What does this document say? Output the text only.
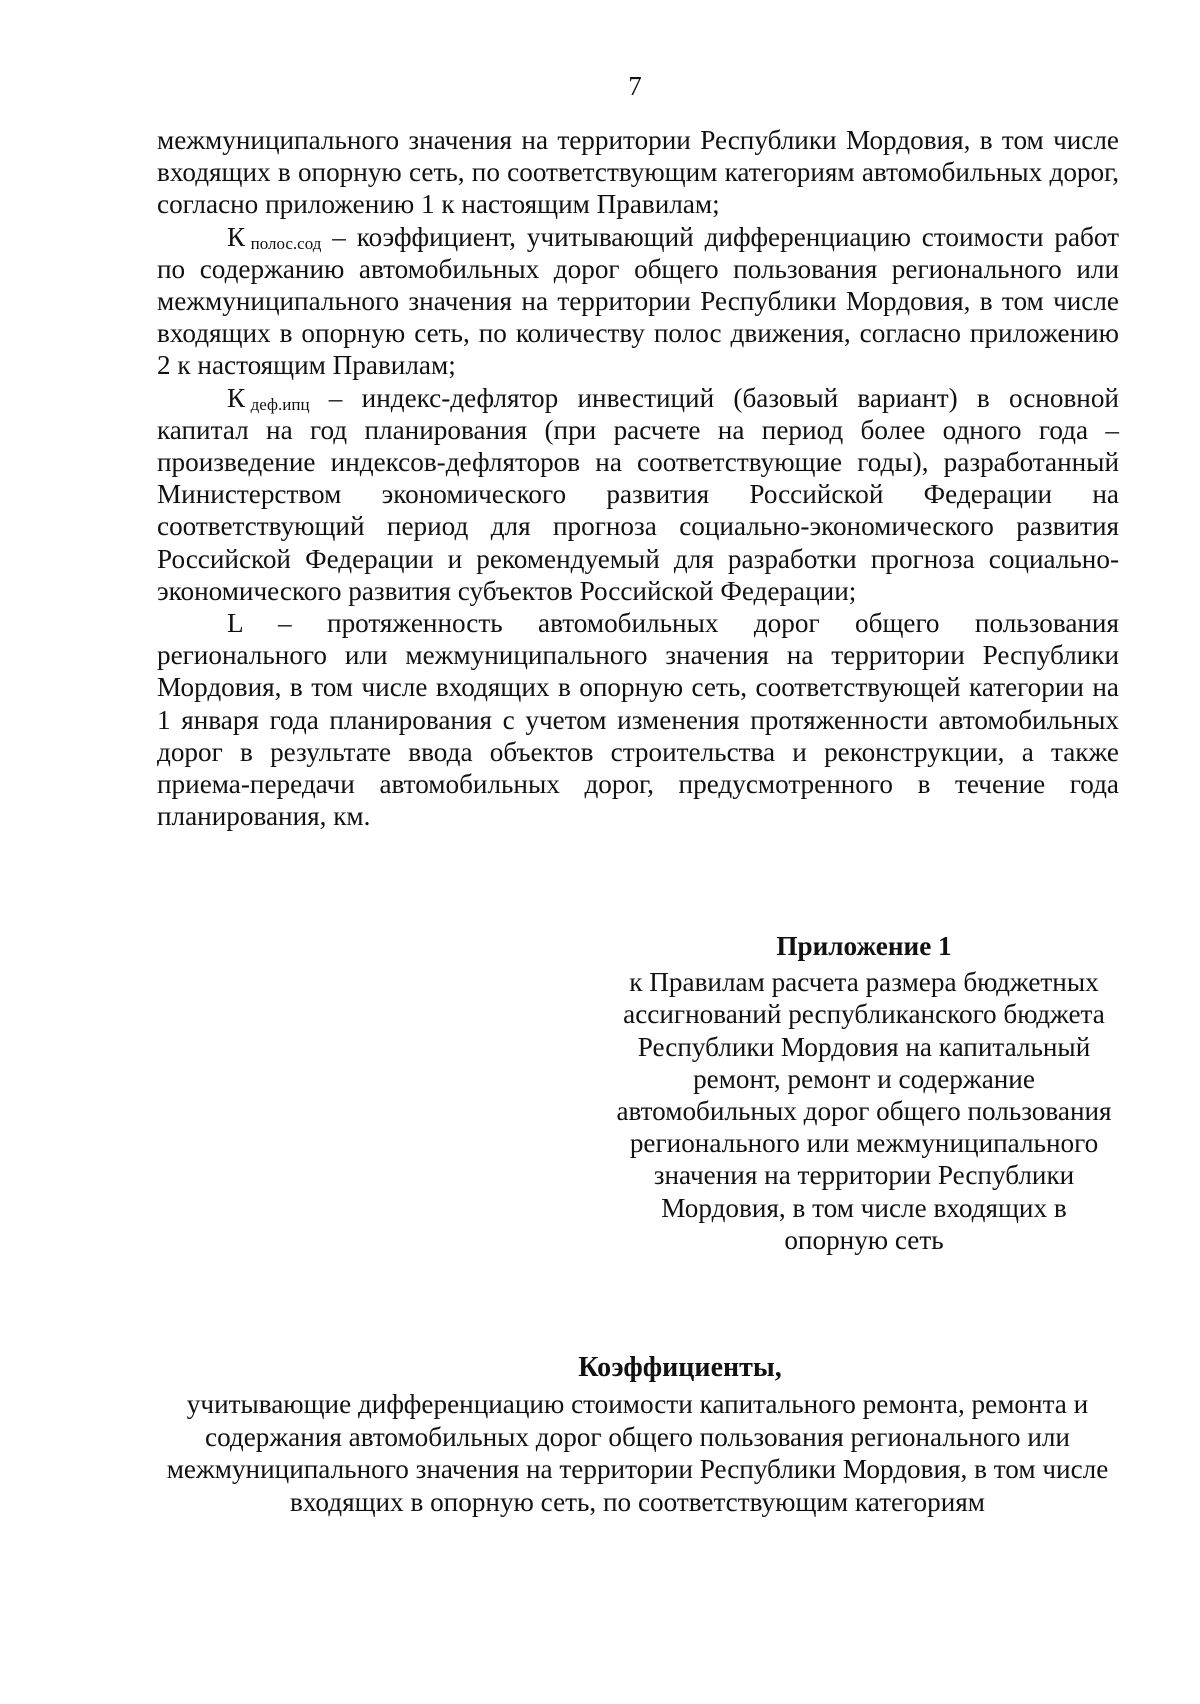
7

межмуниципального значения на территории Республики Мордовия, в том числе входящих в опорную сеть, по соответствующим категориям автомобильных дорог, согласно приложению 1 к настоящим Правилам;

К  $_{полос.сод}$ – коэффициент, учитывающий дифференциацию стоимости работ по содержанию автомобильных дорог общего пользования регионального или межмуниципального значения на территории Республики Мордовия, в том числе входящих в опорную сеть, по количеству полос движения, согласно приложению 2 к настоящим Правилам;

К  $_{деф.ипц}$ – индекс-дефлятор инвестиций (базовый вариант) в основной капитал на год планирования (при расчете на период более одного года – произведение индексов-дефляторов на соответствующие годы), разработанный Министерством экономического развития Российской Федерации на соответствующий период для прогноза социально-экономического развития Российской Федерации и рекомендуемый для разработки прогноза социально-экономического развития субъектов Российской Федерации;

L – протяженность автомобильных дорог общего пользования регионального или межмуниципального значения на территории Республики Мордовия, в том числе входящих в опорную сеть, соответствующей категории на 1 января года планирования с учетом изменения протяженности автомобильных дорог в результате ввода объектов строительства и реконструкции, а также приема-передачи автомобильных дорог, предусмотренного в течение года планирования, км.

Приложение 1

к Правилам расчета размера бюджетных ассигнований республиканского бюджета Республики Мордовия на капитальный ремонт, ремонт и содержание автомобильных дорог общего пользования регионального или межмуниципального значения на территории Республики Мордовия, в том числе входящих в опорную сеть

Коэффициенты,
учитывающие дифференциацию стоимости капитального ремонта, ремонта и содержания автомобильных дорог общего пользования регионального или межмуниципального значения на территории Республики Мордовия, в том числе входящих в опорную сеть, по соответствующим категориям
